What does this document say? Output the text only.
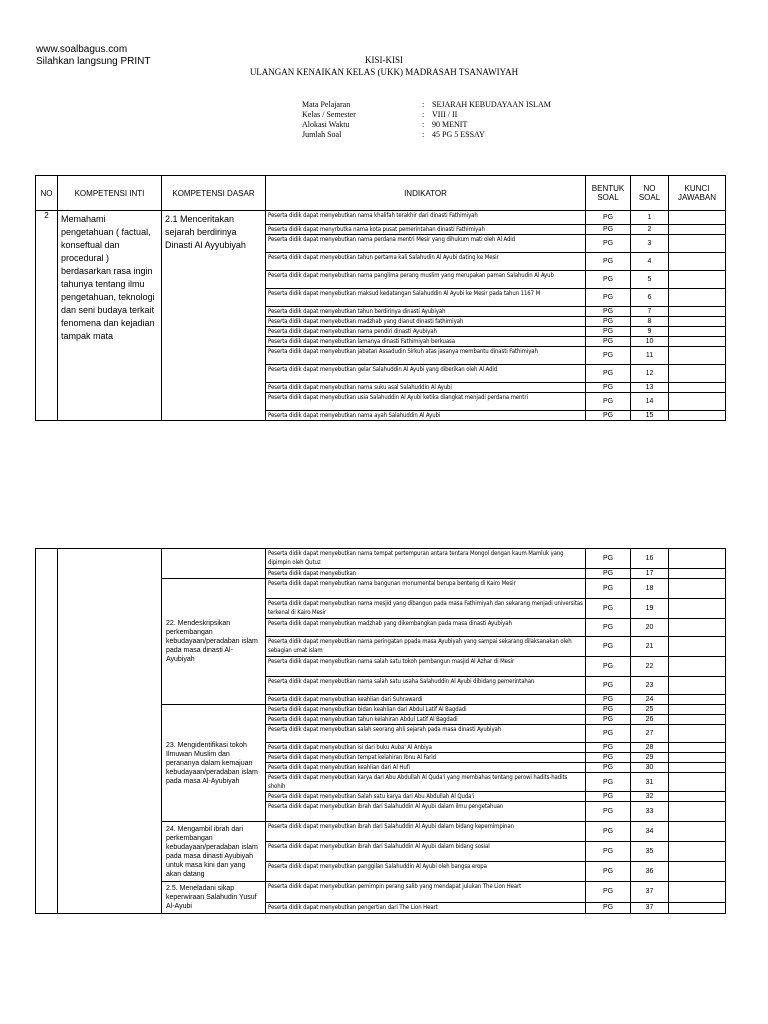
www.soalbagus.com
Silahkan langsung PRINT	KISI-KISI
ULANGAN KENAIKAN KELAS (UKK) MADRASAH TSANAWIYAH
Mata Pelajaran	: SEJARAH KEBUDAYAAN ISLAM
Kelas / Semester	: VIII / II
Alokasi Waktu	: 90 MENIT
Jumlah Soal	: 45 PG 5 ESSAY
NO	KOMPETENSI INTI	KOMPETENSI DASAR	INDIKATOR	BENTUK SOAL	NO SOAL	KUNCI JAWABAN
2	Memahami pengetahuan ( factual, konseftual dan procedural ) berdasarkan rasa ingin tahunya tentang ilmu pengetahuan, teknologi dan seni budaya terkait fenomena dan kejadian tampak mata	2.1 Menceritakan sejarah berdirinya Dinasti Al Ayyubiyah	Peserta didik dapat menyebutkan nama khalifah terakhir dari dinasti Fathimiyah	PG	1	
			Peserta didik dapat menyrbutka nama kota pusat pemerintahan dinasti Fathimiyah	PG	2	
			Peserta didik dapat menyebutkan nama perdana mentri Mesir yang dihukum mati oleh Al Adid	PG	3	
			Peserta didik dapat menyebutkan tahun pertama kali Salahudin Al Ayubi dating ke Mesir	PG	4	
			Peserta didik dapat menyebutkan nama panglima perang muslim yang merupakan paman Salahudin Al Ayub	PG	5	
			Peserta didik dapat menyebutkan maksud kedatangan Salahuddin Al Ayubi ke Mesir pada tahun 1167 M	PG	6	
			Peserta didik dapat menyebutkan tahun berdirinya dinasti Ayubiyah	PG	7	
			Peserta didik dapat menyebutkan madzhab yang dianut dinasti fathimiyah	PG	8	
			Peserta didik dapat menyebutkan nama pendiri dinasti Ayubiyah	PG	9	
			Peserta didik dapat menyebutkan lamanya dinasti Fathimiyah berkuasa	PG	10	
			Peserta didik dapat menyebutkan jabatan Assadudin Sirkuh atas jasanya membantu dinasti Fathimiyah	PG	11	
			Peserta didik dapat menyebutkan gelar Salahuddin Al Ayubi yang diberikan oleh Al Adid	PG	12	
			Peserta didik dapat menyebutkan nama suku asal Salahuddin Al Ayubi	PG	13	
			Peserta didik dapat menyebutkan usia Salahuddin Al Ayubi ketika diangkat menjadi perdana mentri	PG	14	
			Peserta didik dapat menyebutkan nama ayah Salahuddin Al Ayubi	PG	15	
			Peserta didik dapat menyebutkan nama tempat pertempuran antara tentara Mongol dengan kaum Mamluk yang dipimpin oleh Qutuz	PG	16	
			Peserta didik dapat menyebutkan	PG	17	
		22. Mendeskripsikan perkembangan kebudayaan/peradaban islam pada masa dinasti Al-Ayubiyah	Peserta didik dapat menyebutkan nama bangunan monumental berupa benteng di Kairo Mesir	PG	18	
			Peserta didik dapat menyebutkan nama mesjid yang dibangun pada masa Fathimiyah dan sekarang menjadi universitas terkenal di Kairo Mesir	PG	19	
			Peserta didik dapat menyebutkan madzhab yang dikembangkan pada masa dinasti Ayubiyah	PG	20	
			Peserta didik dapat menyebutkan nama peringatan ppada masa Ayubiyah yang sampai sekarang dilaksanakan oleh sebagian umat islam	PG	21	
			Peserta didik dapat menyebutkan nama salah satu tokoh pembangun masjid Al Azhar di Mesir	PG	22	
			Peserta didik dapat menyebutkan nama salah satu usaha Salahuddin Al Ayubi dibidang pemerintahan	PG	23	
			Peserta didik dapat menyebutkan keahlian dari Suhrawardi	PG	24	
		23. Mengidentifikasi tokoh Ilmuwan Muslim dan perananya dalam kemajuan kebudayaan/peradaban islam pada masa Al-Ayubiyah	Peserta didik dapat menyebutkan bidan keahlian dari Abdul Latif Al Bagdadi	PG	25	
			Peserta didik dapat menyebutkan tahun kelahiran Abdul Latif Al Bagdadi	PG	26	
			Peserta didik dapat menyebutkan salah seorang ahli sejarah pada masa dinasti Ayubiyah	PG	27	
			Peserta didik dapat menyebutkan isi dari buku Auba' Al Anbiya	PG	28	
			Peserta didik dapat menyebutkan tempat kelahiran Ibnu Al Farid	PG	29	
			Peserta didik dapat menyebutkan keahlian dari Al Hufi	PG	30	
			Peserta didik dapat menyebutkan karya dari Abu Abdullah Al Quda'i yang membahas tentang perowi hadits-hadits shohih	PG	31	
			Peserta didik dapat menyebutkan Salah satu karya dari Abu Abdullah Al Quda'i	PG	32	
			Peserta didik dapat menyebutkan ibrah dari Salahuddin Al Ayubi dalam ilmu pengetahuan	PG	33	
		24. Mengambil ibrah dari perkembangan kebudayaan/peradaban islam pada masa dinasti Ayubiyah untuk masa kini dan yang akan datang	Peserta didik dapat menyebutkan ibrah dari Salahuddin Al Ayubi dalam bidang kepemimpinan	PG	34	
			Peserta didik dapat menyebutkan ibrah dari Salahuddin Al Ayubi dalam bidang sosial	PG	35	
			Peserta didik dapat menyebutkan panggilan Salahuddin Al Ayubi oleh bangsa eropa	PG	36	
		2.5. Meneladani sikap keperwiraan Salahudin Yusuf Al-Ayubi	Peserta didik dapat menyebutkan pemimpin perang salib yang mendapat julukan The Lion Heart	PG	37	
			Peserta didik dapat menyebutkan pengertian dari The Lion Heart	PG	37	
